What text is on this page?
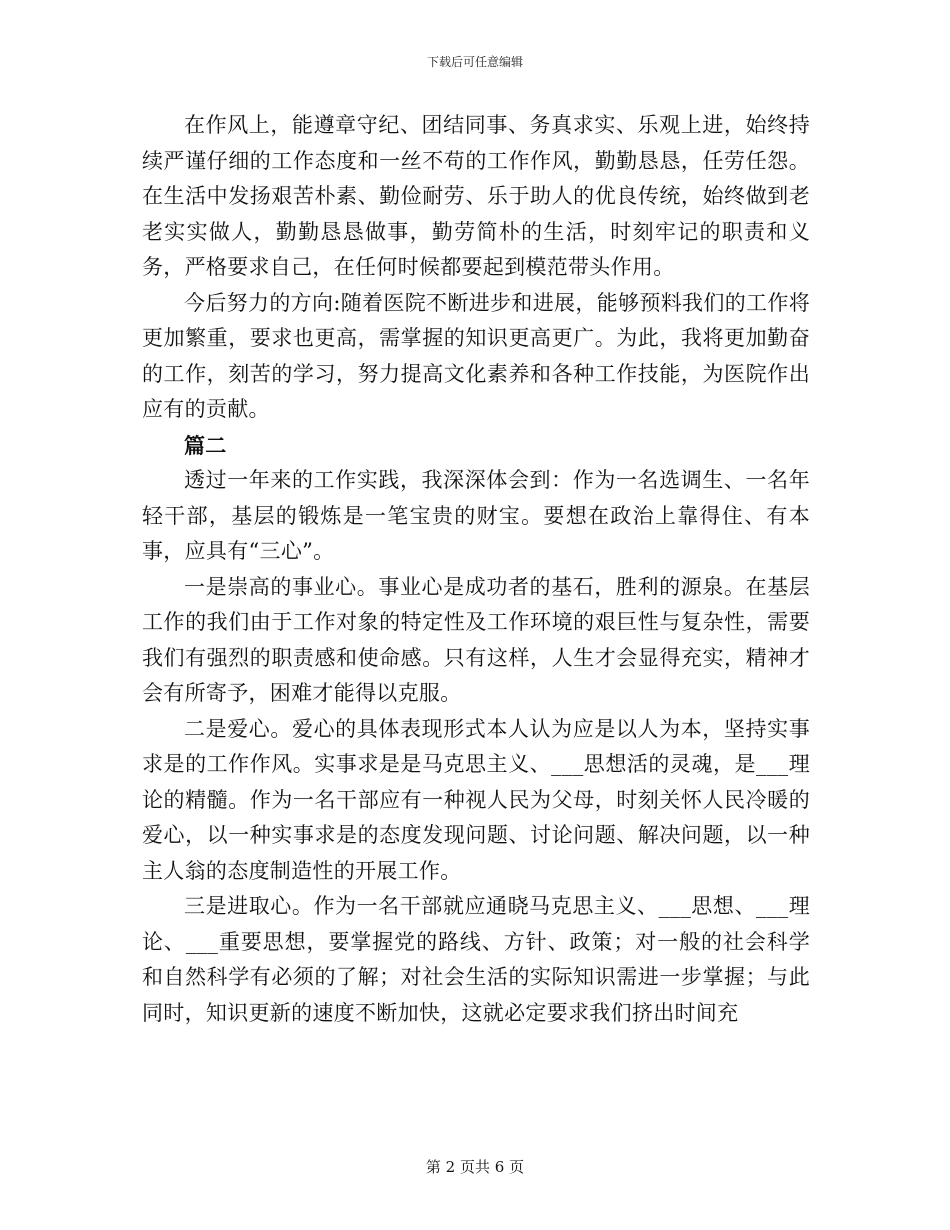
下载后可任意编辑

在作风上，能遵章守纪、团结同事、务真求实、乐观上进，始终持续严谨仔细的工作态度和一丝不苟的工作作风，勤勤恳恳，任劳任怨。在生活中发扬艰苦朴素、勤俭耐劳、乐于助人的优良传统，始终做到老老实实做人，勤勤恳恳做事，勤劳简朴的生活，时刻牢记的职责和义务，严格要求自己，在任何时候都要起到模范带头作用。

今后努力的方向:随着医院不断进步和进展，能够预料我们的工作将更加繁重，要求也更高，需掌握的知识更高更广。为此，我将更加勤奋的工作，刻苦的学习，努力提高文化素养和各种工作技能，为医院作出应有的贡献。

篇二

透过一年来的工作实践，我深深体会到：作为一名选调生、一名年轻干部，基层的锻炼是一笔宝贵的财宝。要想在政治上靠得住、有本事，应具有“三心”。

一是崇高的事业心。事业心是成功者的基石，胜利的源泉。在基层工作的我们由于工作对象的特定性及工作环境的艰巨性与复杂性，需要我们有强烈的职责感和使命感。只有这样，人生才会显得充实，精神才会有所寄予，困难才能得以克服。

二是爱心。爱心的具体表现形式本人认为应是以人为本，坚持实事求是的工作作风。实事求是是马克思主义、___思想活的灵魂，是___理论的精髓。作为一名干部应有一种视人民为父母，时刻关怀人民冷暖的爱心，以一种实事求是的态度发现问题、讨论问题、解决问题，以一种主人翁的态度制造性的开展工作。

三是进取心。作为一名干部就应通晓马克思主义、___思想、___理论、___重要思想，要掌握党的路线、方针、政策；对一般的社会科学和自然科学有必须的了解；对社会生活的实际知识需进一步掌握；与此同时，知识更新的速度不断加快，这就必定要求我们挤出时间充

第 2 页共 6 页
